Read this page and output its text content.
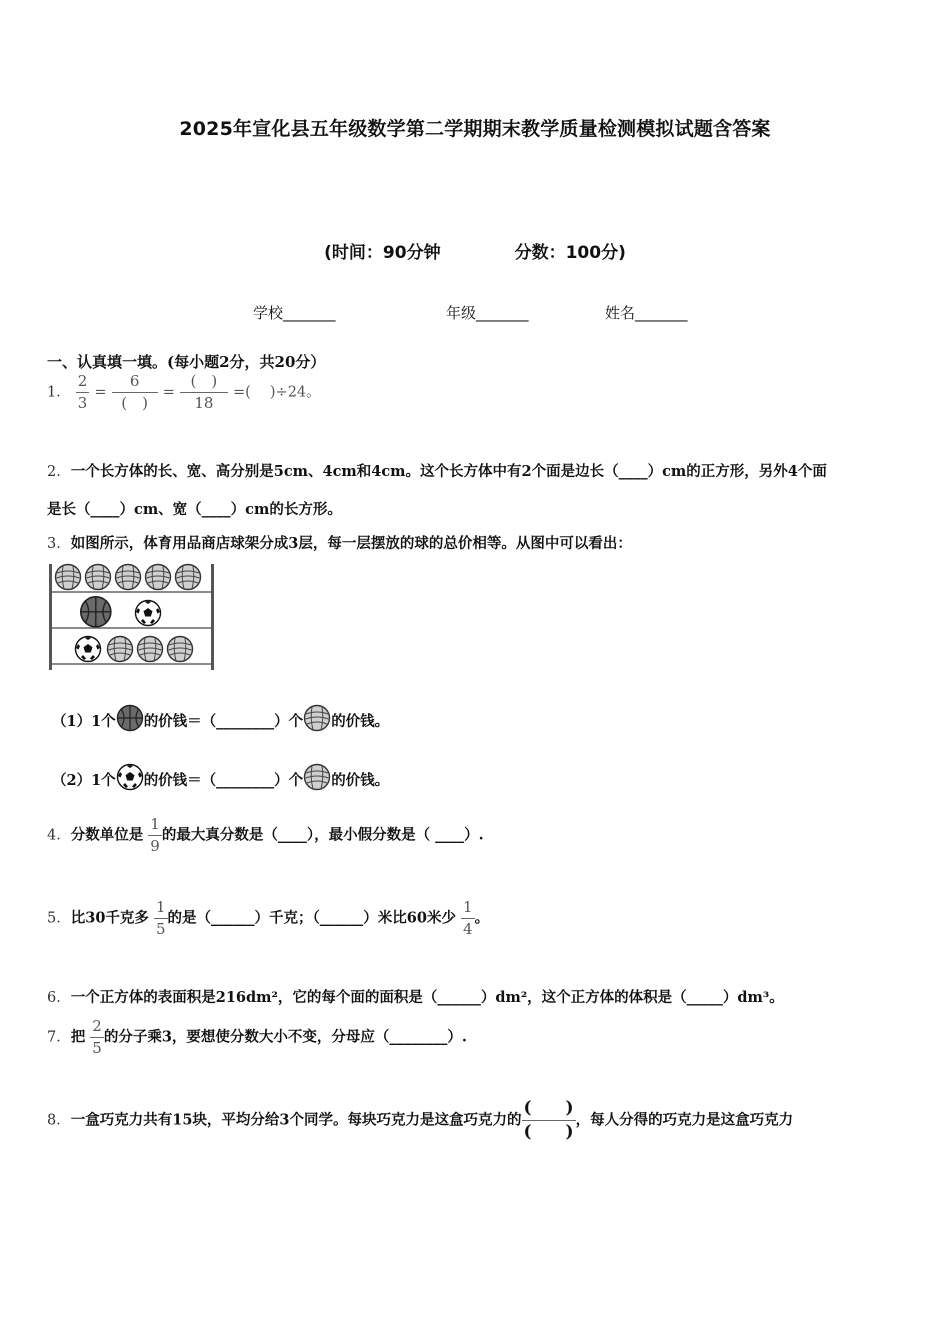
2025年宣化县五年级数学第二学期期末教学质量检测模拟试题含答案
(时间：90分钟	分数：100分)
学校_______	年级_______	姓名_______
一、认真填一填。(每小题2分，共20分）
1． $\frac{2}{3} = \frac{6}{( )} = \frac{( )}{18}$ =(　 )÷24。
2．一个长方体的长、宽、高分别是5cm、4cm和4cm。这个长方体中有2个面是边长（____）cm的正方形，另外4个面
是长（____）cm、宽（____）cm的长方形。
3．如图所示，体育用品商店球架分成3层，每一层摆放的球的总价相等。从图中可以看出：
（1）1个 的价钱＝（________）个 的价钱。
（2）1个 的价钱＝（________）个 的价钱。
4．分数单位是 $\frac{1}{9}$ 的最大真分数是（____），最小假分数是（ ____）.
5．比30千克多 $\frac{1}{5}$ 的是（______）千克；（______）米比60米少 $\frac{1}{4}$ 。
6．一个正方体的表面积是216dm²，它的每个面的面积是（______）dm²，这个正方体的体积是（_____）dm³。
7．把 $\frac{2}{5}$ 的分子乘3，要想使分数大小不变，分母应（________）.
8．一盒巧克力共有15块，平均分给3个同学。每块巧克力是这盒巧克力的 $\frac{( )}{( )}$ ，每人分得的巧克力是这盒巧克力
